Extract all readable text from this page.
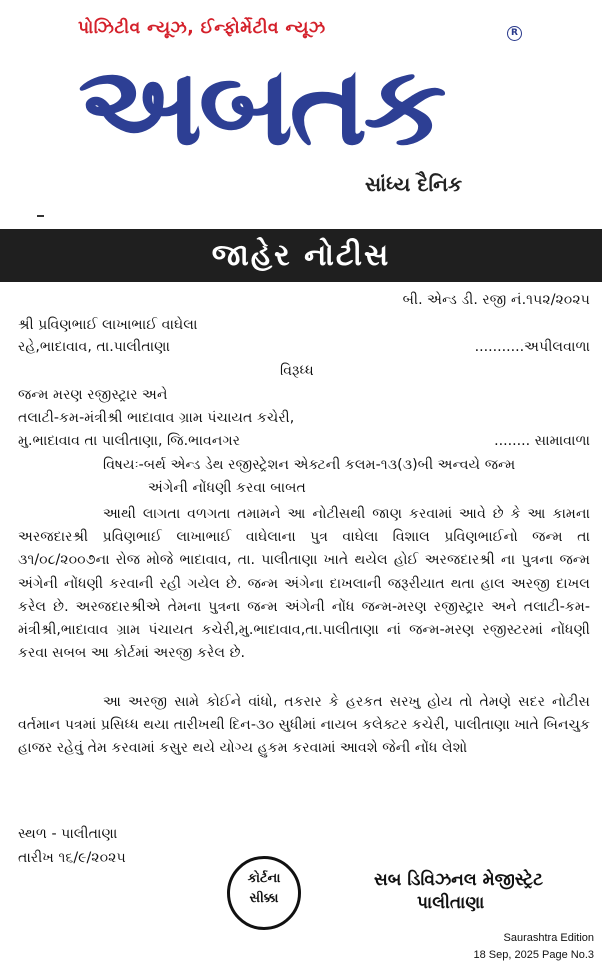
પોઝિટીવ ન્યૂઝ, ઈન્ફોર્મેટીવ ન્યૂઝ	R
અબતક
સાંધ્ય દૈનિક
જાહેર નોટીસ
બી. એન્ડ ડી. રજી નં.૧૫૨/૨૦૨૫
શ્રી પ્રવિણભાઈ લાખાભાઈ વાઘેલા
રહે,ભાદાવાવ, તા.પાલીતાણા	...........અપીલવાળા
વિરૂધ્ધ
જન્મ મરણ રજીસ્ટ્રાર અને
તલાટી-કમ-મંત્રીશ્રી ભાદાવાવ ગ્રામ પંચાયત કચેરી,
મુ.ભાદાવાવ તા પાલીતાણા, જિ.ભાવનગર	........ સામાવાળા
વિષયઃ-બર્થ એન્ડ ડેથ રજીસ્ટ્રેશન એક્ટની કલમ-૧૩(૩)બી અન્વયે જન્મ
અંગેની નોંધણી કરવા બાબત
આથી લાગતા વળગતા તમામને આ નોટીસથી જાણ કરવામાં આવે છે કે આ કામના અરજદારશ્રી પ્રવિણભાઈ લાખાભાઈ વાઘેલાના પુત્ર વાઘેલા વિશાલ પ્રવિણભાઈનો જન્મ તા ૩૧/૦૮/૨૦૦૭ના રોજ મોજે ભાદાવાવ, તા. પાલીતાણા ખાતે થયેલ હોઈ અરજદારશ્રી ના પુત્રના જન્મ અંગેની નોંધણી કરવાની રહી ગયેલ છે. જન્મ અંગેના દાખલાની જરૂરીયાત થતા હાલ અરજી દાખલ કરેલ છે. અરજદારશ્રીએ તેમના પુત્રના જન્મ અંગેની નોંધ જન્મ-મરણ રજીસ્ટ્રાર અને તલાટી-કમ-મંત્રીશ્રી,ભાદાવાવ ગ્રામ પંચાયત કચેરી,મુ.ભાદાવાવ,તા.પાલીતાણા નાં જન્મ-મરણ રજીસ્ટરમાં નોંધણી કરવા સબબ આ કોર્ટમાં અરજી કરેલ છે.
આ અરજી સામે કોઈને વાંધો, તકરાર કે હરકત સરખુ હોય તો તેમણે સદર નોટીસ વર્તમાન પત્રમાં પ્રસિધ્ધ થયા તારીખથી દિન-૩૦ સુધીમાં નાયબ કલેક્ટર કચેરી, પાલીતાણા ખાતે બિનચુક હાજર રહેવું તેમ કરવામાં કસુર થયે યોગ્ય હુકમ કરવામાં આવશે જેની નોંધ લેશો
સ્થળ - પાલીતાણા
તારીખ ૧૬/૯/૨૦૨૫
કોર્ટના
સીક્કા
સબ ડિવિઝનલ મેજીસ્ટ્રેટ
પાલીતાણા
Saurashtra Edition
18 Sep, 2025 Page No.3
